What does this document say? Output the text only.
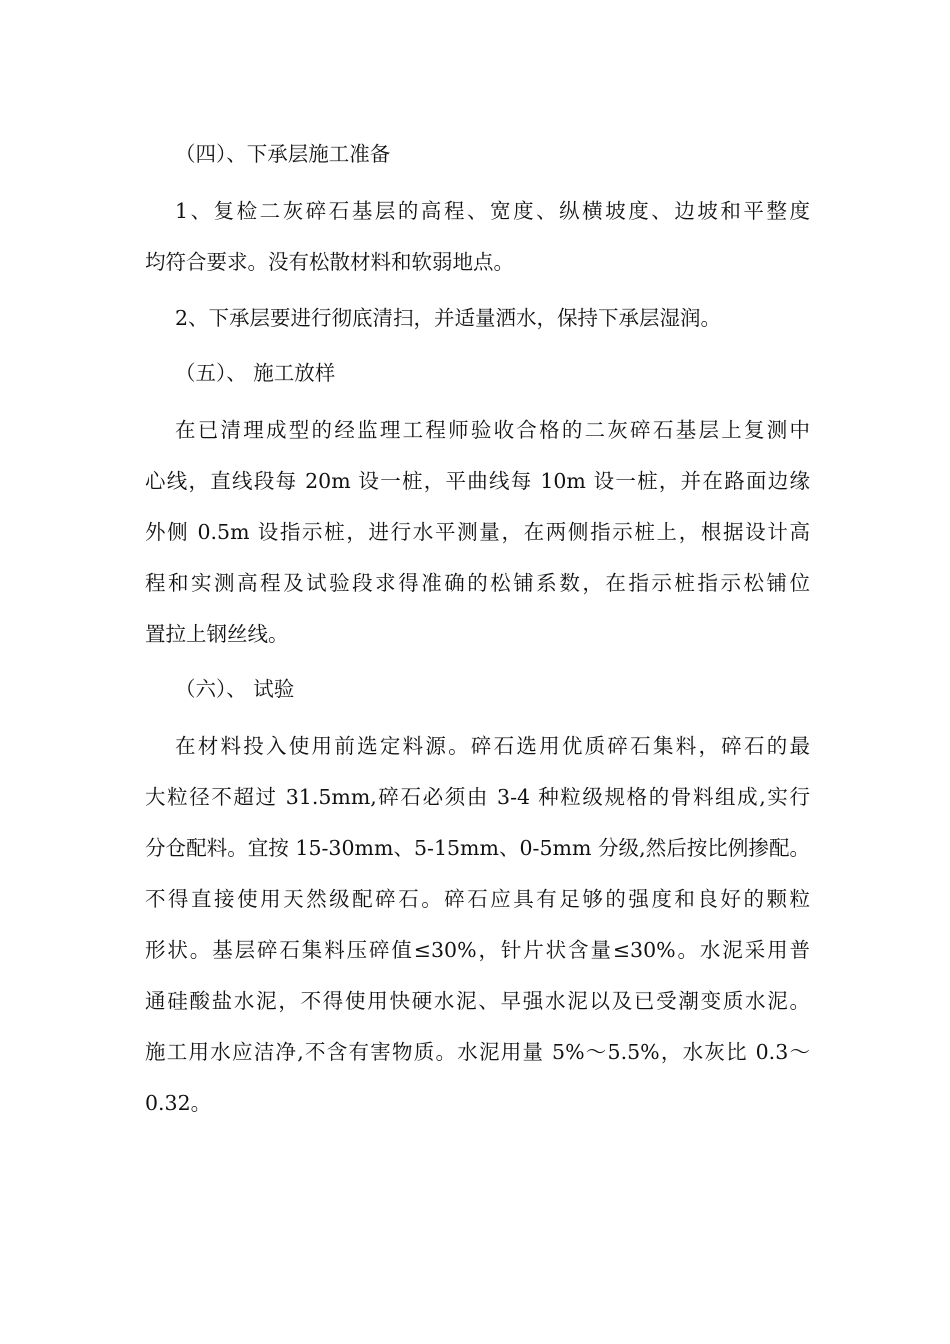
（四）、下承层施工准备

1、复检二灰碎石基层的高程、宽度、纵横坡度、边坡和平整度
均符合要求。没有松散材料和软弱地点。

2、下承层要进行彻底清扫，并适量洒水，保持下承层湿润。

（五）、 施工放样

在已清理成型的经监理工程师验收合格的二灰碎石基层上复测中
心线，直线段每 20m 设一桩，平曲线每 10m 设一桩，并在路面边缘
外侧 0.5m 设指示桩，进行水平测量，在两侧指示桩上，根据设计高
程和实测高程及试验段求得准确的松铺系数，在指示桩指示松铺位
置拉上钢丝线。

（六）、 试验

在材料投入使用前选定料源。碎石选用优质碎石集料，碎石的最
大粒径不超过 31.5mm,碎石必须由 3-4 种粒级规格的骨料组成,实行
分仓配料。宜按 15-30mm、5-15mm、0-5mm 分级,然后按比例掺配。
不得直接使用天然级配碎石。碎石应具有足够的强度和良好的颗粒
形状。基层碎石集料压碎值≤30%，针片状含量≤30%。水泥采用普
通硅酸盐水泥，不得使用快硬水泥、早强水泥以及已受潮变质水泥。
施工用水应洁净,不含有害物质。水泥用量 5%～5.5%，水灰比 0.3～
0.32。
